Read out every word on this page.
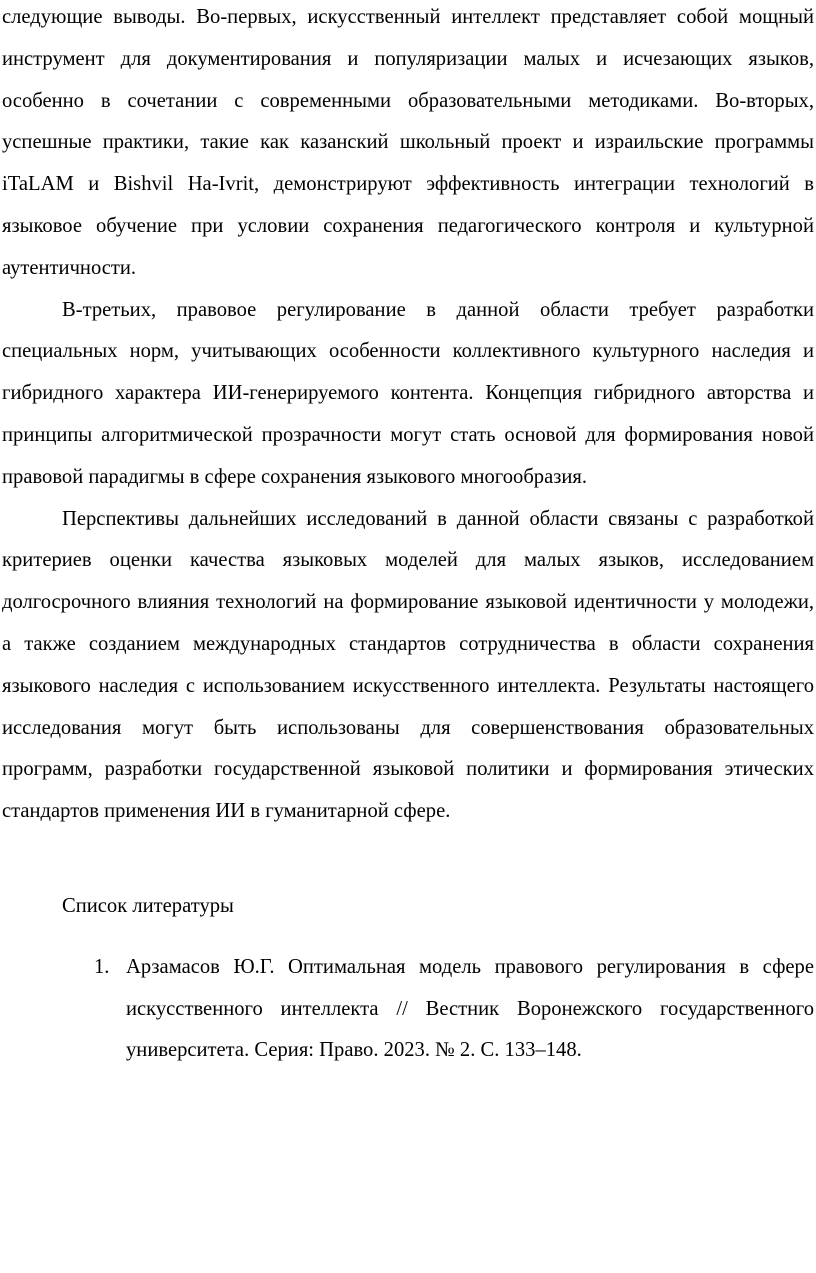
следующие выводы. Во-первых, искусственный интеллект представляет собой мощный инструмент для документирования и популяризации малых и исчезающих языков, особенно в сочетании с современными образовательными методиками. Во-вторых, успешные практики, такие как казанский школьный проект и израильские программы iTaLAM и Bishvil Ha-Ivrit, демонстрируют эффективность интеграции технологий в языковое обучение при условии сохранения педагогического контроля и культурной аутентичности.

В-третьих, правовое регулирование в данной области требует разработки специальных норм, учитывающих особенности коллективного культурного наследия и гибридного характера ИИ-генерируемого контента. Концепция гибридного авторства и принципы алгоритмической прозрачности могут стать основой для формирования новой правовой парадигмы в сфере сохранения языкового многообразия.

Перспективы дальнейших исследований в данной области связаны с разработкой критериев оценки качества языковых моделей для малых языков, исследованием долгосрочного влияния технологий на формирование языковой идентичности у молодежи, а также созданием международных стандартов сотрудничества в области сохранения языкового наследия с использованием искусственного интеллекта. Результаты настоящего исследования могут быть использованы для совершенствования образовательных программ, разработки государственной языковой политики и формирования этических стандартов применения ИИ в гуманитарной сфере.

Список литературы
1. Арзамасов Ю.Г. Оптимальная модель правового регулирования в сфере искусственного интеллекта // Вестник Воронежского государственного университета. Серия: Право. 2023. № 2. С. 133–148.
